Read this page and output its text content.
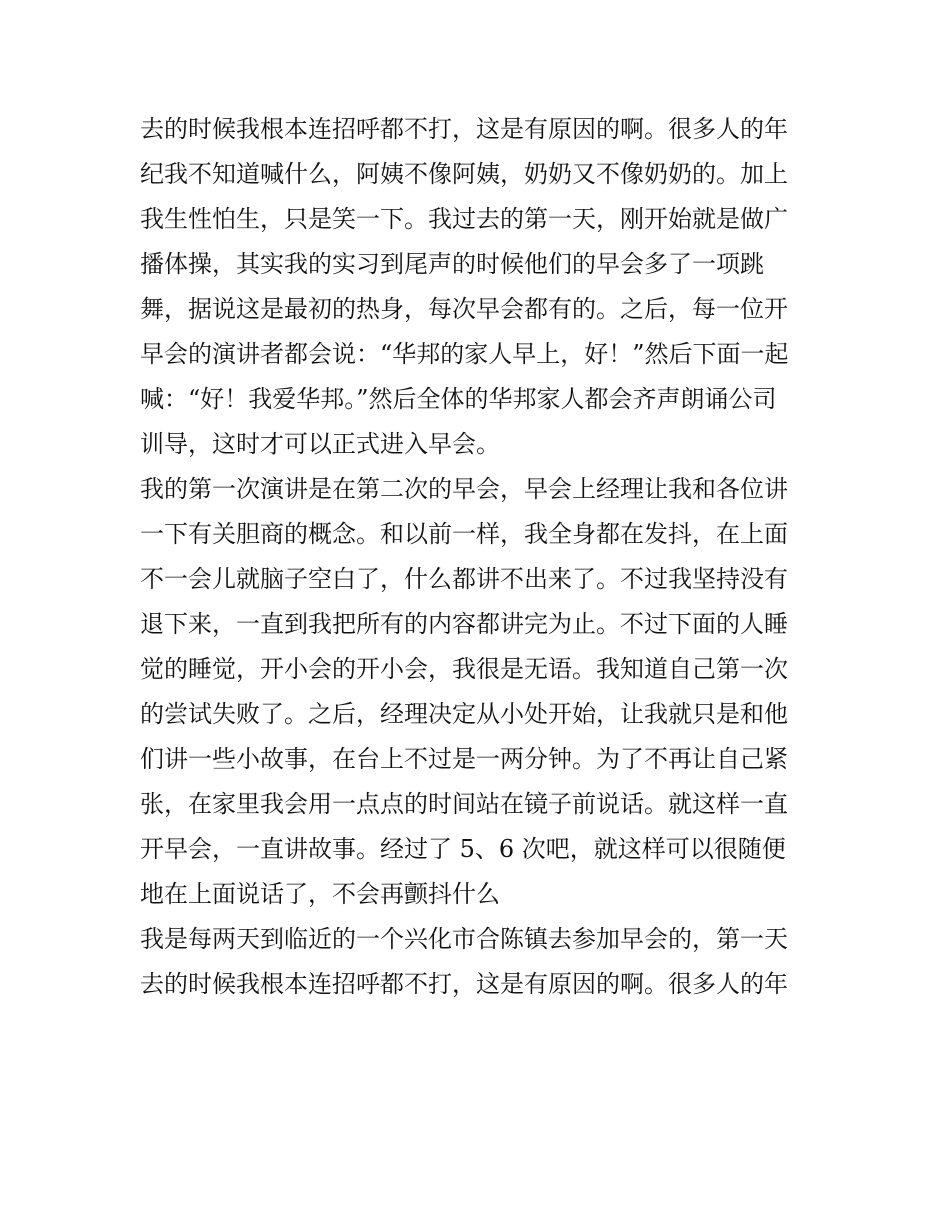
去的时候我根本连招呼都不打，这是有原因的啊。很多人的年
纪我不知道喊什么，阿姨不像阿姨，奶奶又不像奶奶的。加上
我生性怕生，只是笑一下。我过去的第一天，刚开始就是做广
播体操，其实我的实习到尾声的时候他们的早会多了一项跳
舞，据说这是最初的热身，每次早会都有的。之后，每一位开
早会的演讲者都会说：“华邦的家人早上，好！”然后下面一起
喊：“好！我爱华邦。”然后全体的华邦家人都会齐声朗诵公司
训导，这时才可以正式进入早会。
我的第一次演讲是在第二次的早会，早会上经理让我和各位讲
一下有关胆商的概念。和以前一样，我全身都在发抖，在上面
不一会儿就脑子空白了，什么都讲不出来了。不过我坚持没有
退下来，一直到我把所有的内容都讲完为止。不过下面的人睡
觉的睡觉，开小会的开小会，我很是无语。我知道自己第一次
的尝试失败了。之后，经理决定从小处开始，让我就只是和他
们讲一些小故事，在台上不过是一两分钟。为了不再让自己紧
张，在家里我会用一点点的时间站在镜子前说话。就这样一直
开早会，一直讲故事。经过了 5、6 次吧，就这样可以很随便
地在上面说话了，不会再颤抖什么
我是每两天到临近的一个兴化市合陈镇去参加早会的，第一天
去的时候我根本连招呼都不打，这是有原因的啊。很多人的年
